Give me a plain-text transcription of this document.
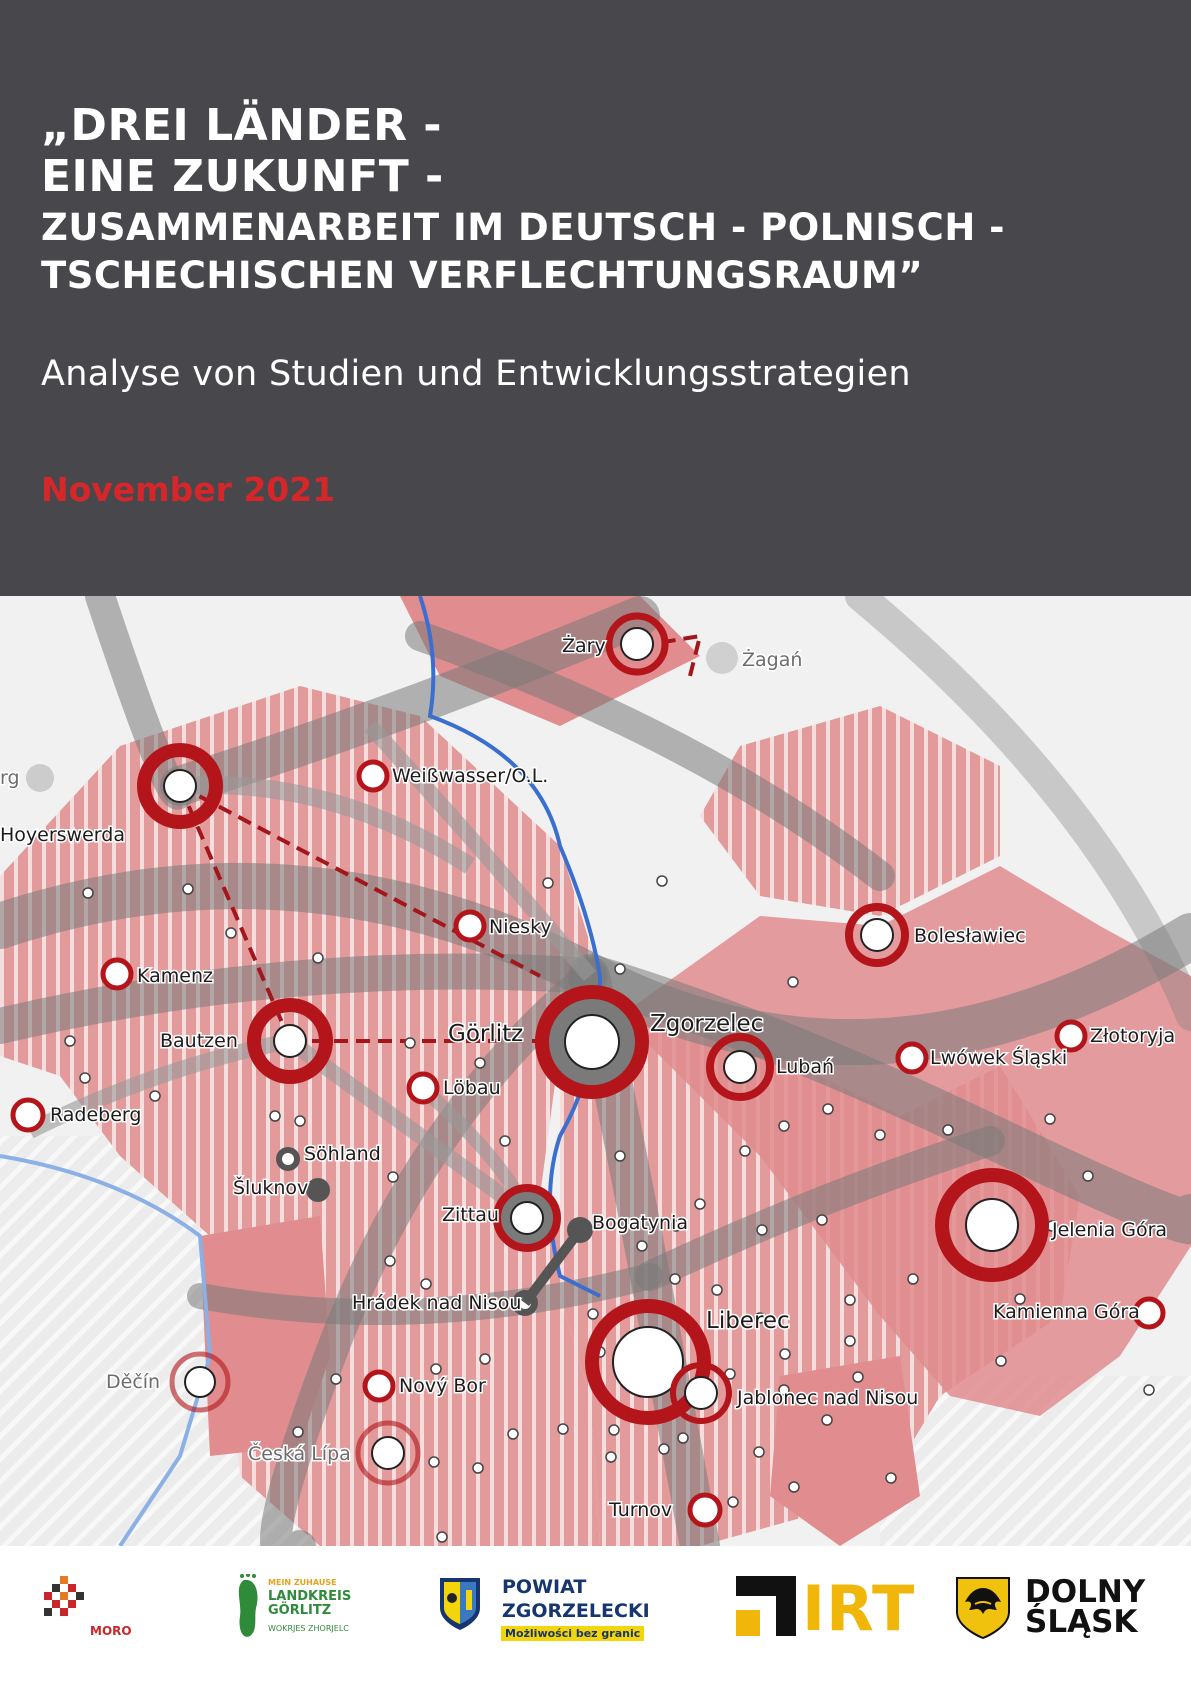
„DREI LÄNDER -
EINE ZUKUNFT -
ZUSAMMENARBEIT IM DEUTSCH - POLNISCH -
TSCHECHISCHEN VERFLECHTUNGSRAUM”
Analyse von Studien und Entwicklungsstrategien
November 2021
Żary
Żagań
rg	Weißwasser/O.L.
Hoyerswerda
Niesky	Bolesławiec
Kamenz
Bautzen	Görlitz	Zgorzelec
Lubań	Lwówek Śląski
Złotoryja
Radeberg
Löbau
Söhland
Šluknov
Zittau	Bogatynia	Jelenia Góra
Hrádek nad Nisou
Liberec	Kamienna Góra
Děčín	Nový Bor
Jablonec nad Nisou
Česká Lípa
Turnov
MORO
MEIN ZUHAUSE
LANDKREIS
GÖRLITZ
WOKRJES ZHORJELC
POWIAT
ZGORZELECKI
Możliwości bez granic	IRT	DOLNY
ŚLĄSK
